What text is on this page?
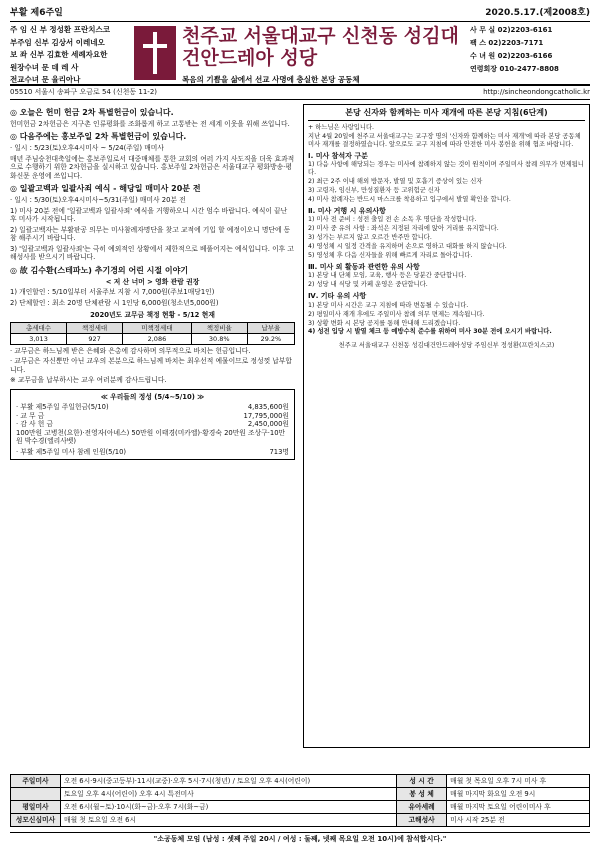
부활 제6주일	2020.5.17.(제2008호)
주 임 신 부 정성환 프란치스코
부주임 신부 김상서 이레네오
보 좌 신부 김효한 세례자요한
원장수녀 문 데 레 사
전교수녀 문 율리아나
천주교 서울대교구 신천동 성김대건안드레아 성당
복음의 기쁨을 삶에서 선교 사명에 충실한 본당 공동체
사 무 실 02)2203-6161
팩 스 02)2203-7171
수 녀 원 02)2203-6166
연령회장 010-2477-8808
05510 서울시 송파구 오금로 54 (신천동 11-2)	http://sincheondongcatholic.kr
◎ 오늘은 헌미 헌금 2차 특별헌금이 있습니다.

헌미헌금 2차헌금은 지구촌 인류평화를 조화롭게 하고 고통받는 전 세계 이웃을 위해 쓰입니다.

◎ 다음주에는 홍보주일 2차 특별헌금이 있습니다.

· 일시 : 5/23(토)오후4시미사 ~ 5/24(주일) 매미사

매년 주님승천대축일에는 홍보주일로서 대중매체를 통한 교회의 여러 가지 사도직을 더욱 효과적으로 수행하기 위한 2차헌금을 실시하고 있습니다. 홍보주일 2차헌금은 서울대교구 평화방송·평화신문 운영에 쓰입니다.

◎ 일괄고백과 일괄사죄 예식 - 해당일 매미사 20분 전

· 일시 : 5/30(토)오후4시미사~5/31(주일) 매미사 20분 전

1) 미사 20분 전에 '일괄고백과 일괄사죄' 예식을 거행하오니 시간 엄수 바랍니다. 예식이 끝난 후 미사가 시작됩니다.

2) 일괄고백자는 부활판공 의무는 미사참례자명단을 찾고 교적에 기입 할 예정이오니 명단에 동참 해주시기 바랍니다.

3) '일괄고백과 일괄사죄'는 극히 예외적인 상황에서 제한적으로 베풀어지는 예식입니다. 이후 고해성사를 받으시기 바랍니다.

◎ 故 김수환(스테파노) 추기경의 어린 시절 이야기

< 저 산 너머 > 영화 관람 권장

1) 개인할인 : 5/10일부터 서울주보 지참 시 7,000원(주보1매당1인)

2) 단체할인 : 최소 20명 단체관람 시 1인당 6,000원(청소년5,000원)

2020년도 교무금 책정 현황 - 5/12 현재

총세대수	책정세대	미책정세대	책정비율	납부율
3,013	927	2,086	30.8%	29.2%

· 교무금은 하느님께 받은 은혜와 은총에 감사하며 의무적으로 바치는 헌금입니다.

· 교무금은 자신뿐만 아닌 교우의 본분으로 하느님께 바치는 최우선적 예물이므로 정성껏 납부합니다.

※ 교무금을 납부하시는 교우 여러분께 감사드립니다.

≪ 우리들의 정성 (5/4~5/10) ≫

· 부활 제5주일 주일헌금(5/10)	4,835,600원
· 교 무 금	17,795,000원
· 감 사 헌 금	2,450,000원

100만원 고병천(요한)·전영자(아녜스) 50만원 이태경(미카엘)·황경숙 20만원 조상구·10만원 박수경(엘리사벳)

· 부활 제5주일 미사 참례 인원(5/10)	713명
본당 신자와 함께하는 미사 재개에 따른 본당 지침(6단계)
+ 하느님은 사랑입니다.
지난 4월 20일에 천주교 서울대교구는 교구장 명의 '신자와 함께하는 미사 재개'에 따라 본당 공동체 미사 재개를 결정하였습니다. 앞으로도 교구 지침에 따라 안전한 미사 봉헌을 위해 협조 바랍니다.
Ⅰ. 미사 참석자 구분
1) 다음 사항에 해당되는 경우는 미사에 참례하지 않는 것이 원칙이며 주일미사 참례 의무가 면제됩니다.
2) 최근 2주 이내 해외 방문자, 발열 및 호흡기 증상이 있는 신자
3) 고령자, 임신부, 만성질환자 등 고위험군 신자
4) 미사 참례자는 반드시 마스크를 착용하고 입구에서 발열 확인을 합니다.
Ⅱ. 미사 거행 시 유의사항
1) 미사 전 준비 : 성전 출입 전 손 소독 후 명단을 작성합니다.
2) 미사 중 유의 사항 : 좌석은 지정된 자리에 앉아 거리를 유지합니다.
3) 성가는 부르지 않고 오르간 반주만 합니다.
4) 영성체 시 일정 간격을 유지하며 손으로 영하고 대화를 하지 않습니다.
5) 영성체 후 다음 신자들을 위해 빠르게 자리로 돌아갑니다.
Ⅲ. 미사 외 활동과 관련한 유의 사항
1) 본당 내 단체 모임, 교육, 행사 등은 당분간 중단합니다.
2) 성당 내 식당 및 카페 운영은 중단합니다.
Ⅳ. 기타 유의 사항
1) 본당 미사 시간은 교구 지침에 따라 변동될 수 있습니다.
2) 평일미사 재개 후에도 주일미사 참례 의무 면제는 계속됩니다.
3) 상황 변화 시 본당 공지를 통해 안내해 드리겠습니다.
4) 성전 입당 시 발열 체크 등 예방수칙 준수를 위하여 미사 30분 전에 오시기 바랍니다.
천주교 서울대교구 신천동 성김대건안드레아성당 주임신부 정성환(프란치스코)
주일미사	오전 6시·9시(중고등부)·11시(교중)·오후 5시·7시(청년) / 토요일 오후 4시(어린이)	성 시 간	매월 첫 목요일 오후 7시 미사 후
	토요일 오후 4시(어린이) 오후 4시 특전미사	봉 성 체	매월 마지막 화요일 오전 9시
평일미사	오전 6시(월~토)·10시(화~금)·오후 7시(화~금)	유아세례	매월 마지막 토요일 어린이미사 후
성모신심미사	매월 첫 토요일 오전 6시	고해성사	미사 시작 25분 전
"소공동체 모임 (남성 : 셋째 주일 20시 / 여성 : 둘째, 넷째 목요일 오전 10시)에 참석합시다."
